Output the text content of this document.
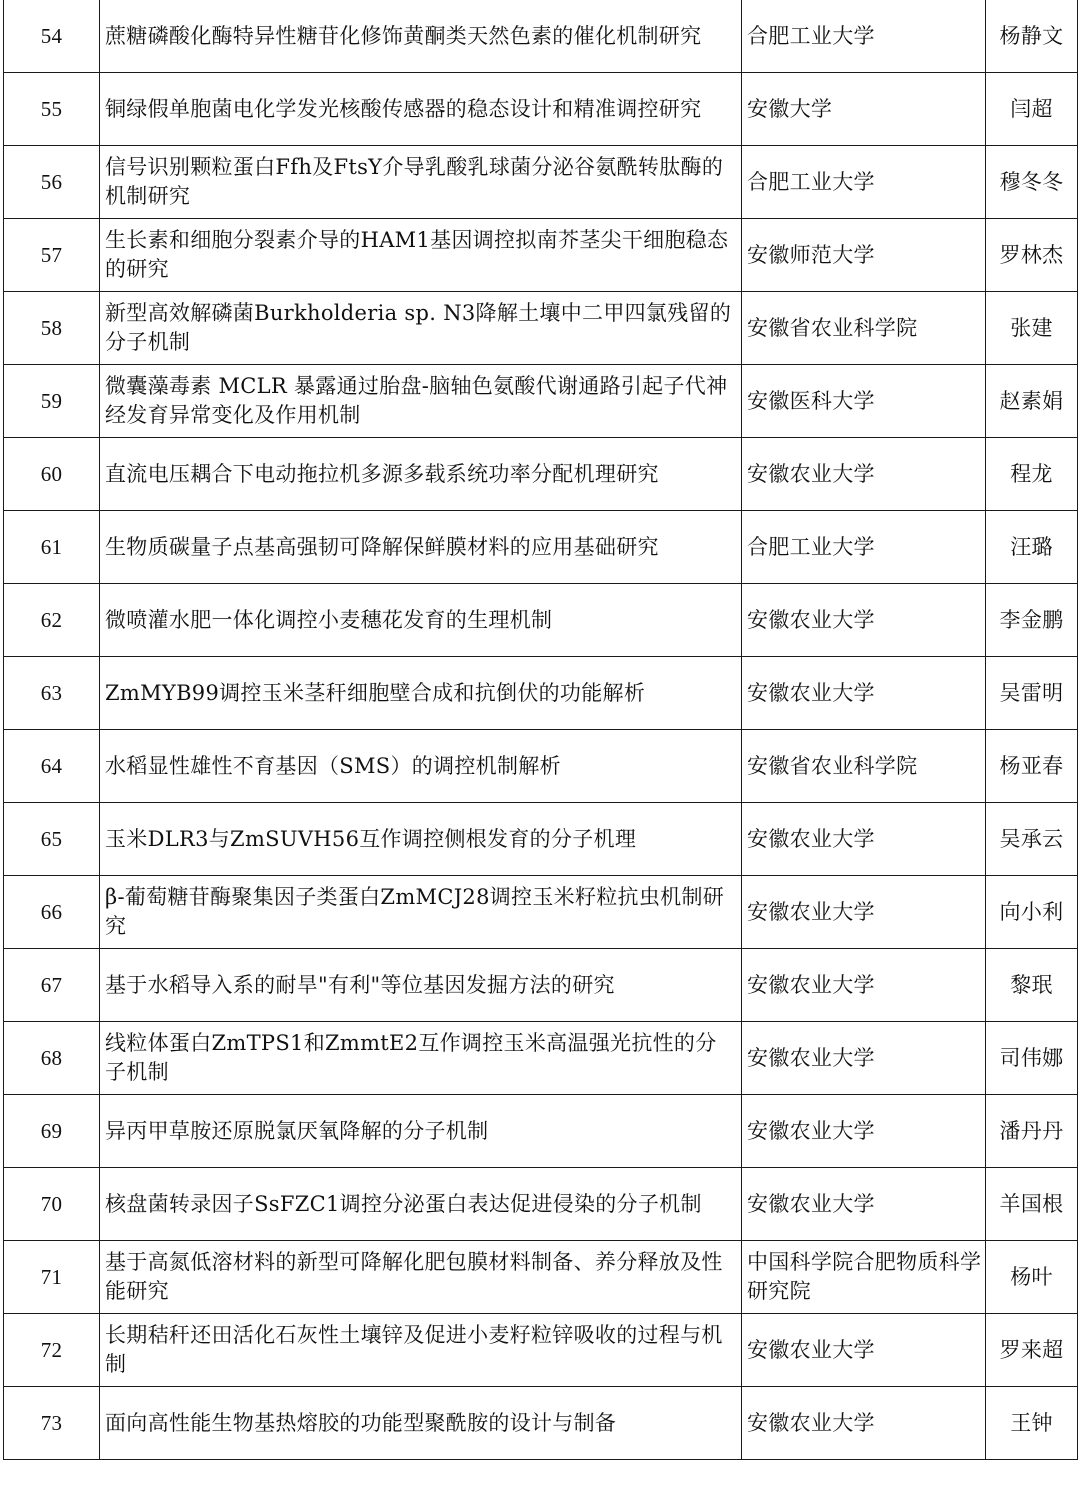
54	蔗糖磷酸化酶特异性糖苷化修饰黄酮类天然色素的催化机制研究	合肥工业大学	杨静文

55	铜绿假单胞菌电化学发光核酸传感器的稳态设计和精准调控研究	安徽大学	闫超

56	信号识别颗粒蛋白Ffh及FtsY介导乳酸乳球菌分泌谷氨酰转肽酶的机制研究	合肥工业大学	穆冬冬

57	生长素和细胞分裂素介导的HAM1基因调控拟南芥茎尖干细胞稳态的研究	安徽师范大学	罗林杰

58	新型高效解磷菌Burkholderia sp. N3降解土壤中二甲四氯残留的分子机制	安徽省农业科学院	张建

59	微囊藻毒素 MCLR 暴露通过胎盘-脑轴色氨酸代谢通路引起子代神经发育异常变化及作用机制	安徽医科大学	赵素娟

60	直流电压耦合下电动拖拉机多源多载系统功率分配机理研究	安徽农业大学	程龙

61	生物质碳量子点基高强韧可降解保鲜膜材料的应用基础研究	合肥工业大学	汪璐

62	微喷灌水肥一体化调控小麦穗花发育的生理机制	安徽农业大学	李金鹏

63	ZmMYB99调控玉米茎秆细胞壁合成和抗倒伏的功能解析	安徽农业大学	吴雷明

64	水稻显性雄性不育基因（SMS）的调控机制解析	安徽省农业科学院	杨亚春

65	玉米DLR3与ZmSUVH56互作调控侧根发育的分子机理	安徽农业大学	吴承云

66	β-葡萄糖苷酶聚集因子类蛋白ZmMCJ28调控玉米籽粒抗虫机制研究	安徽农业大学	向小利

67	基于水稻导入系的耐旱"有利"等位基因发掘方法的研究	安徽农业大学	黎珉

68	线粒体蛋白ZmTPS1和ZmmtE2互作调控玉米高温强光抗性的分子机制	安徽农业大学	司伟娜

69	异丙甲草胺还原脱氯厌氧降解的分子机制	安徽农业大学	潘丹丹

70	核盘菌转录因子SsFZC1调控分泌蛋白表达促进侵染的分子机制	安徽农业大学	羊国根

71	基于高氮低溶材料的新型可降解化肥包膜材料制备、养分释放及性能研究	中国科学院合肥物质科学研究院	杨叶

72	长期秸秆还田活化石灰性土壤锌及促进小麦籽粒锌吸收的过程与机制	安徽农业大学	罗来超

73	面向高性能生物基热熔胶的功能型聚酰胺的设计与制备	安徽农业大学	王钟
